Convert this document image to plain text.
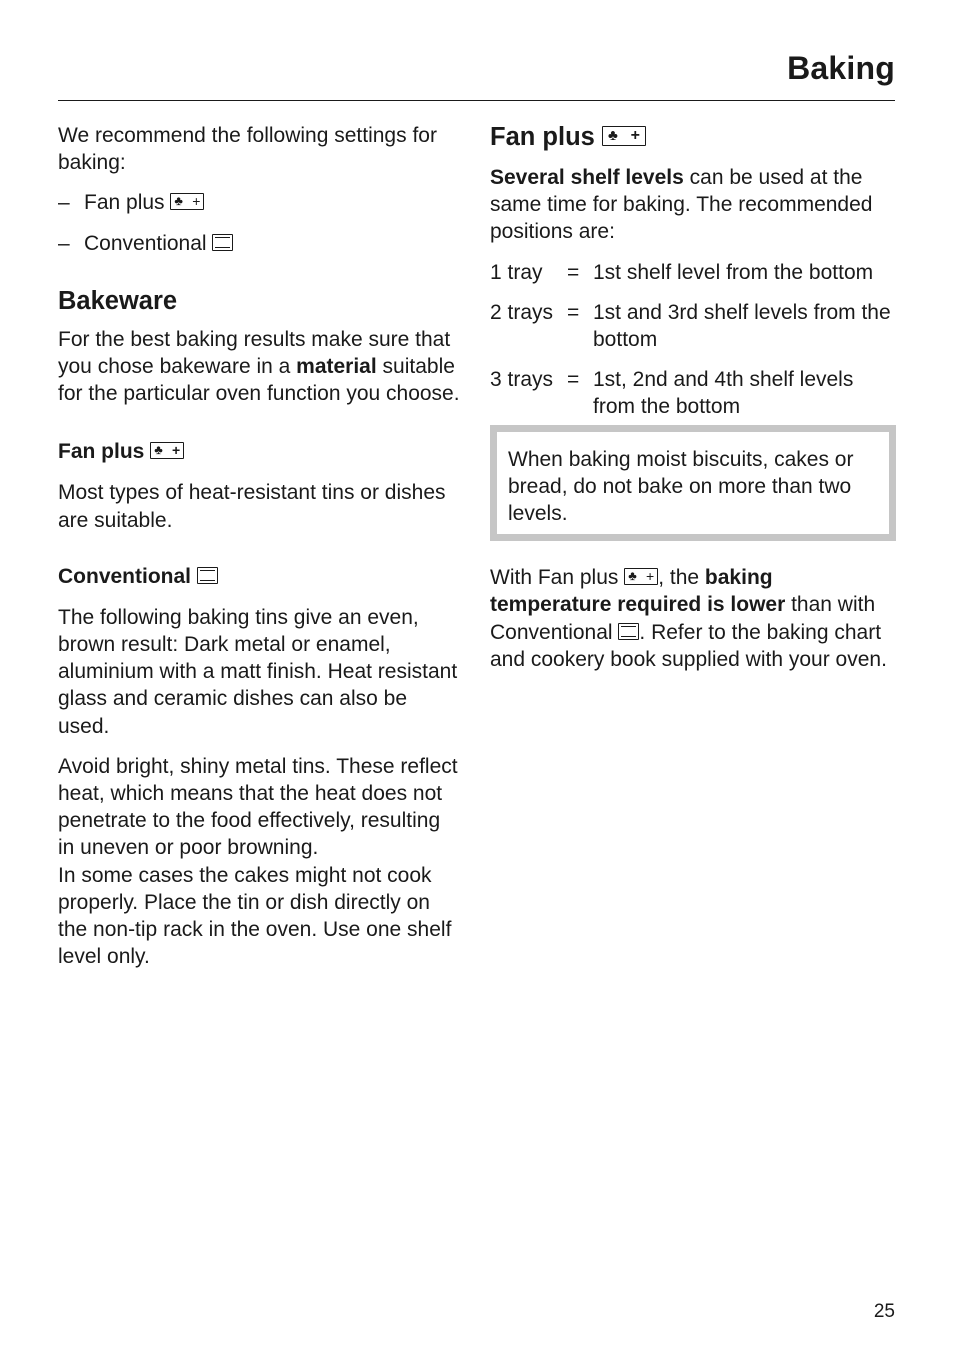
Baking

We recommend the following settings for baking:

– Fan plus ♣ +
– Conventional
Bakeware

For the best baking results make sure that you chose bakeware in a material suitable for the particular oven function you choose.

Fan plus ♣ +

Most types of heat-resistant tins or dishes are suitable.

Conventional

The following baking tins give an even, brown result: Dark metal or enamel, aluminium with a matt finish. Heat resistant glass and ceramic dishes can also be used.

Avoid bright, shiny metal tins. These reflect heat, which means that the heat does not penetrate to the food effectively, resulting in uneven or poor browning.

In some cases the cakes might not cook properly. Place the tin or dish directly on the non-tip rack in the oven. Use one shelf level only.

Fan plus ♣ +

Several shelf levels can be used at the same time for baking. The recommended positions are:

1 tray	= 1st shelf level from the bottom
2 trays = 1st and 3rd shelf levels from the bottom
3 trays = 1st, 2nd and 4th shelf levels from the bottom

When baking moist biscuits, cakes or bread, do not bake on more than two levels.

With Fan plus ♣ + , the baking temperature required is lower than with Conventional . Refer to the baking chart and cookery book supplied with your oven.

25
